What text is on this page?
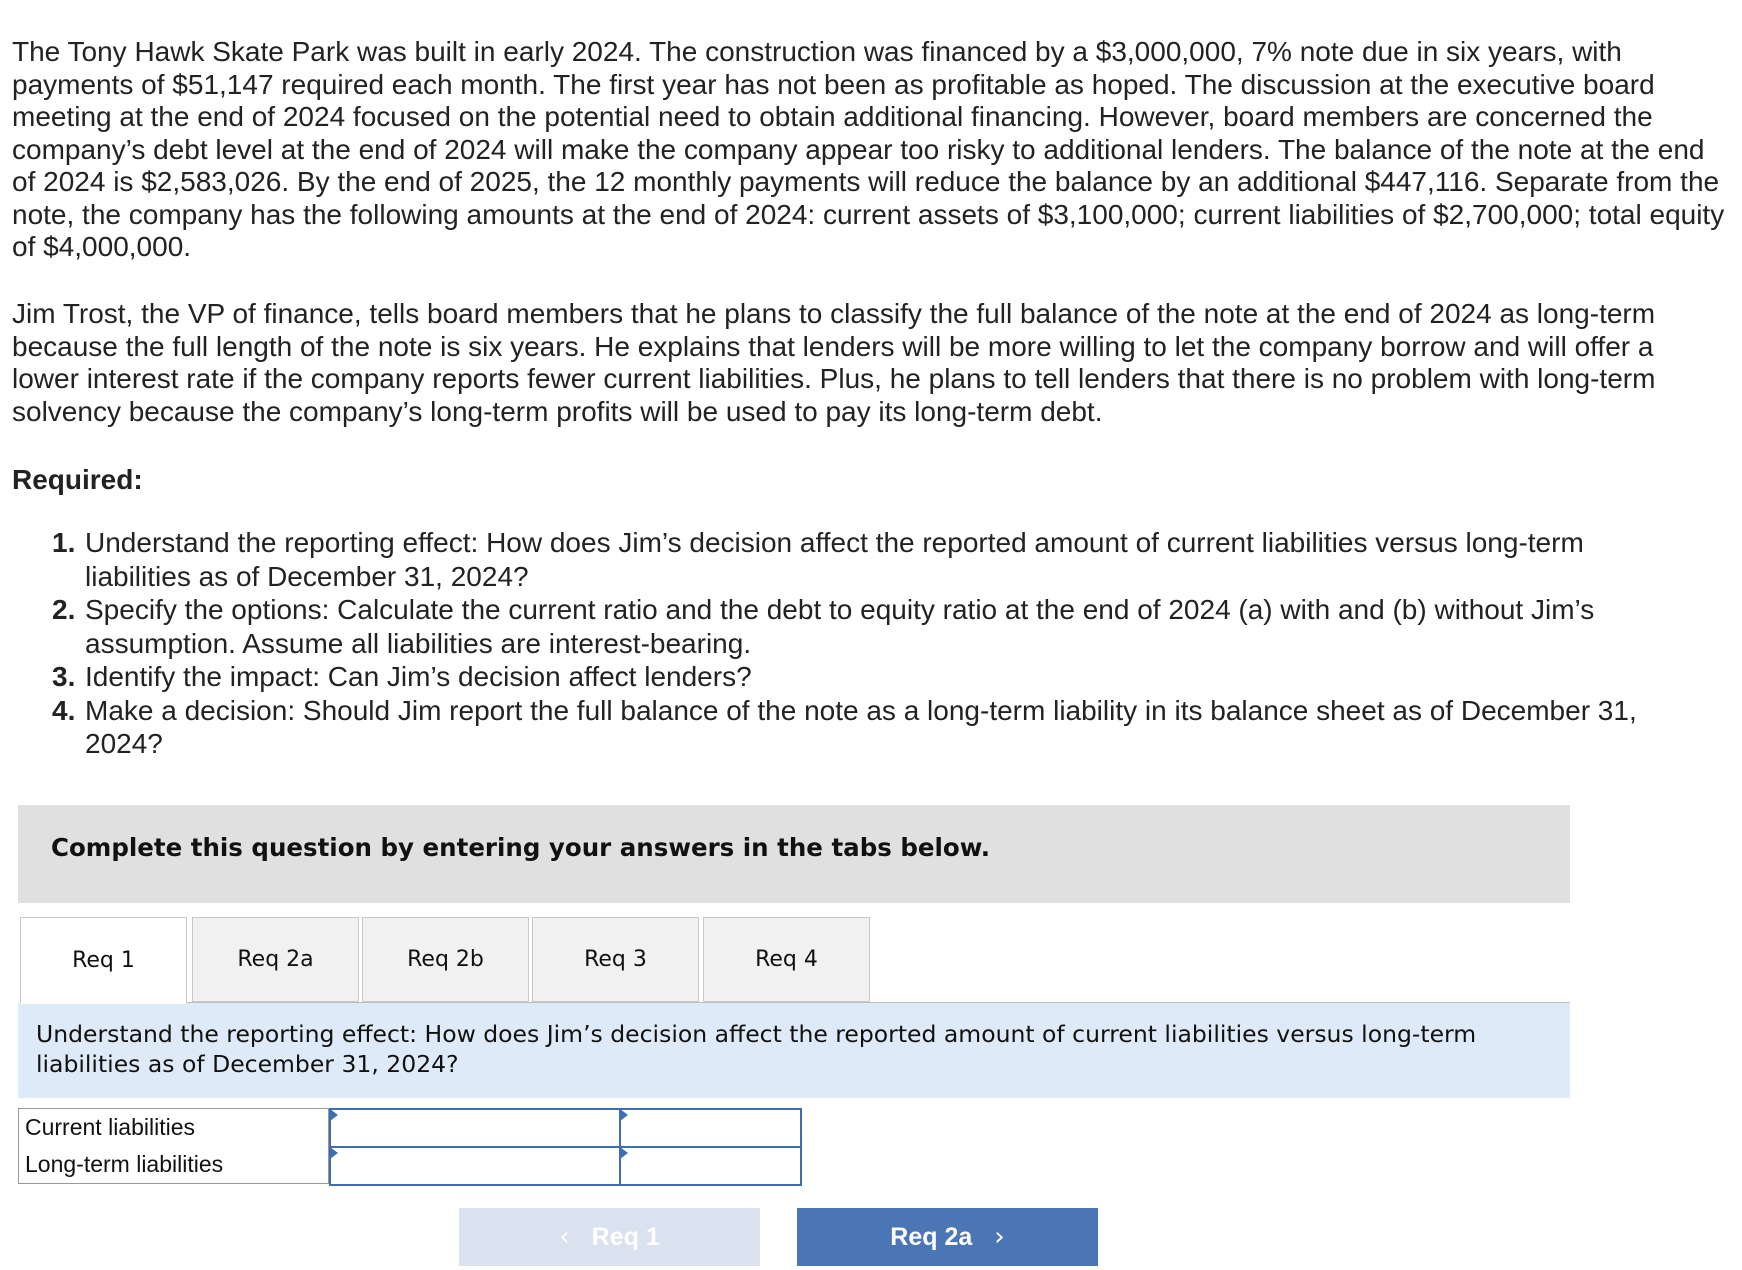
The Tony Hawk Skate Park was built in early 2024. The construction was financed by a $3,000,000, 7% note due in six years, with payments of $51,147 required each month. The first year has not been as profitable as hoped. The discussion at the executive board meeting at the end of 2024 focused on the potential need to obtain additional financing. However, board members are concerned the company’s debt level at the end of 2024 will make the company appear too risky to additional lenders. The balance of the note at the end of 2024 is $2,583,026. By the end of 2025, the 12 monthly payments will reduce the balance by an additional $447,116. Separate from the note, the company has the following amounts at the end of 2024: current assets of $3,100,000; current liabilities of $2,700,000; total equity of $4,000,000.

Jim Trost, the VP of finance, tells board members that he plans to classify the full balance of the note at the end of 2024 as long-term because the full length of the note is six years. He explains that lenders will be more willing to let the company borrow and will offer a lower interest rate if the company reports fewer current liabilities. Plus, he plans to tell lenders that there is no problem with long-term solvency because the company’s long-term profits will be used to pay its long-term debt.

Required:

1. Understand the reporting effect: How does Jim’s decision affect the reported amount of current liabilities versus long-term liabilities as of December 31, 2024?
2. Specify the options: Calculate the current ratio and the debt to equity ratio at the end of 2024 (a) with and (b) without Jim’s assumption. Assume all liabilities are interest-bearing.
3. Identify the impact: Can Jim’s decision affect lenders?
4. Make a decision: Should Jim report the full balance of the note as a long-term liability in its balance sheet as of December 31, 2024?

Complete this question by entering your answers in the tabs below.

Req 1	Req 2a	Req 2b	Req 3	Req 4

Understand the reporting effect: How does Jim’s decision affect the reported amount of current liabilities versus long-term liabilities as of December 31, 2024?

Current liabilities
Long-term liabilities
‹ Req 1	Req 2a ›
